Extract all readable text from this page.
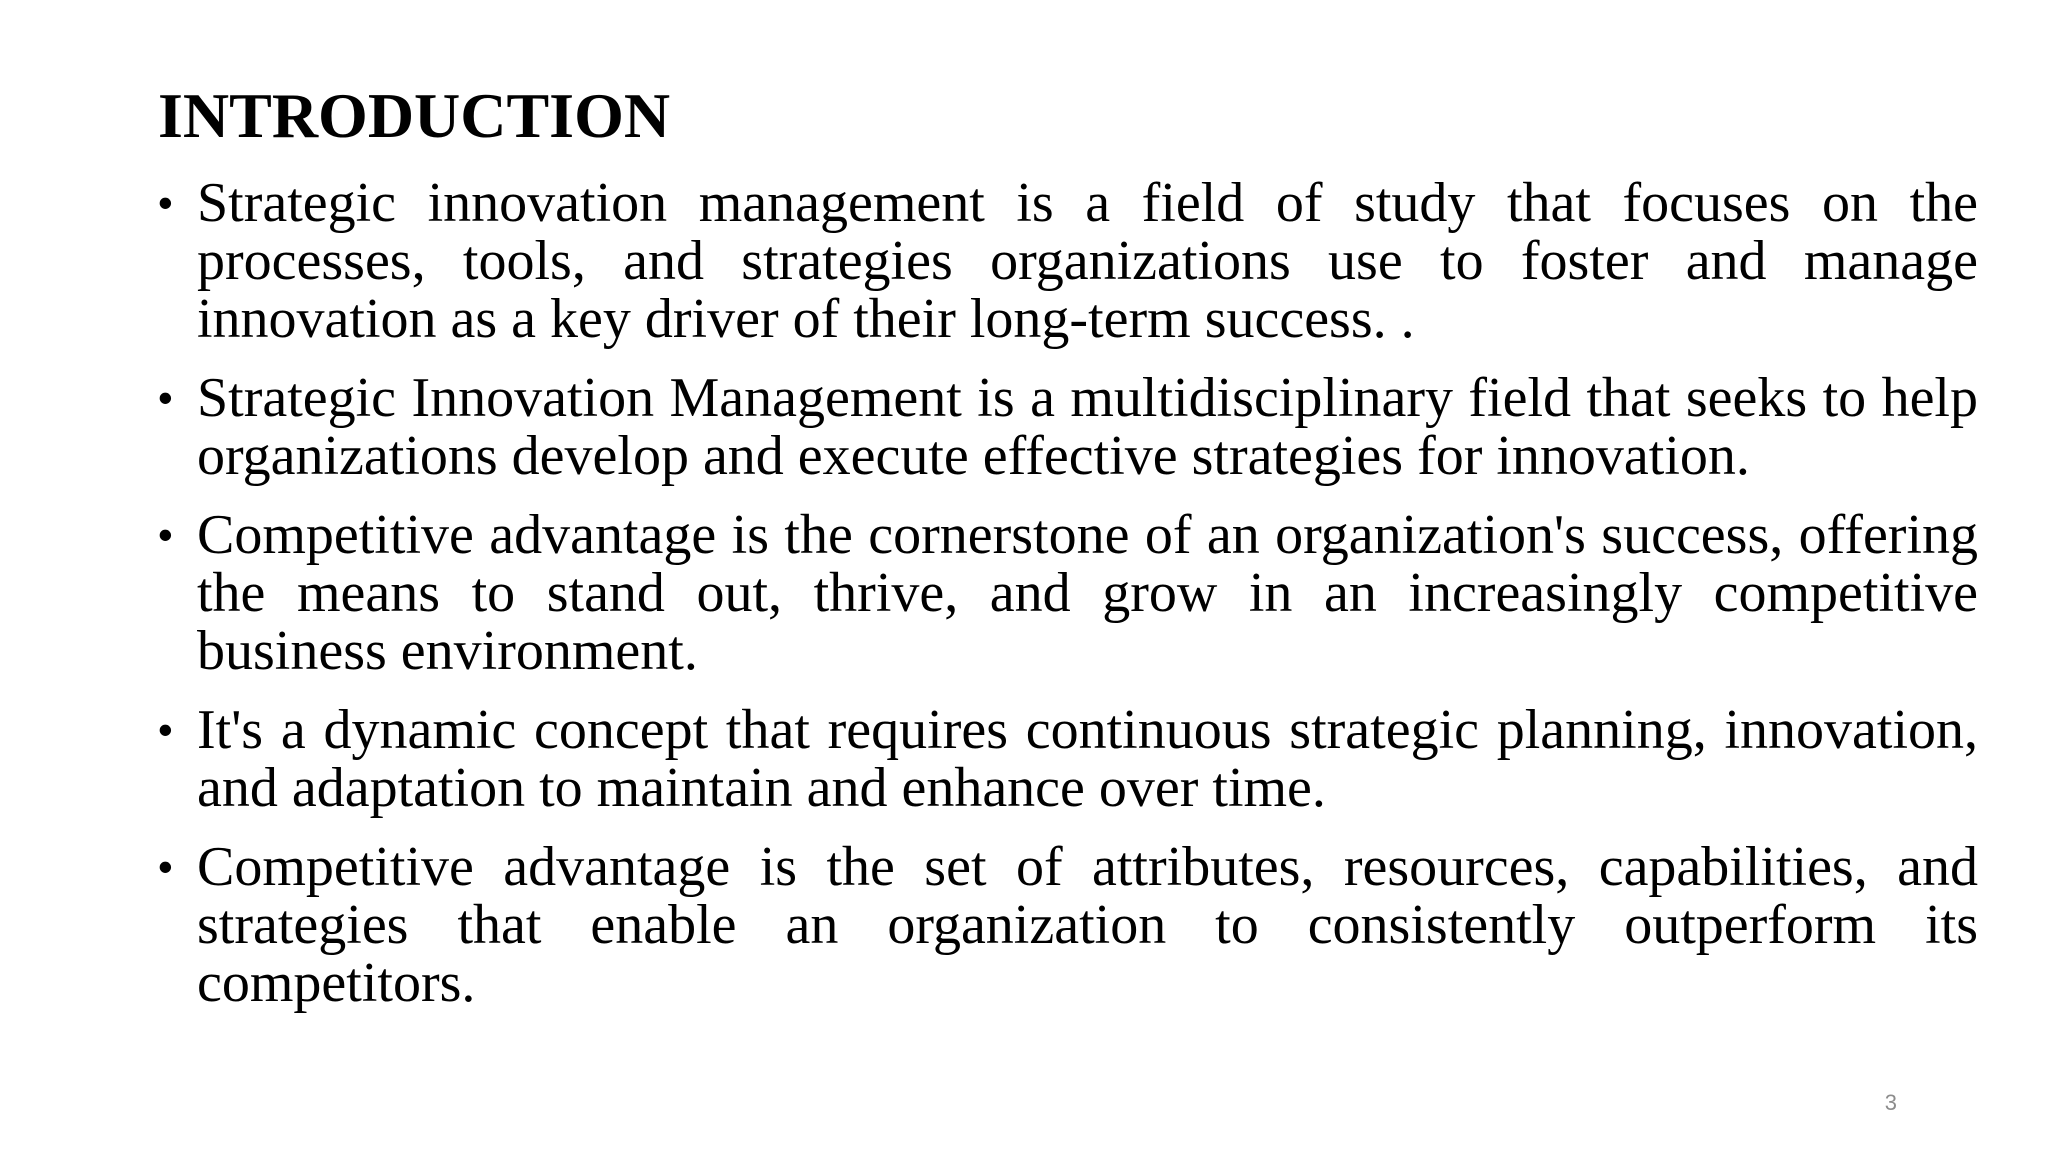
INTRODUCTION
• Strategic innovation management is a field of study that focuses on the processes, tools, and strategies organizations use to foster and manage innovation as a key driver of their long-term success. .
• Strategic Innovation Management is a multidisciplinary field that seeks to help organizations develop and execute effective strategies for innovation.
• Competitive advantage is the cornerstone of an organization's success, offering the means to stand out, thrive, and grow in an increasingly competitive business environment.
• It's a dynamic concept that requires continuous strategic planning, innovation, and adaptation to maintain and enhance over time.
• Competitive advantage is the set of attributes, resources, capabilities, and strategies that enable an organization to consistently outperform its competitors.
3
